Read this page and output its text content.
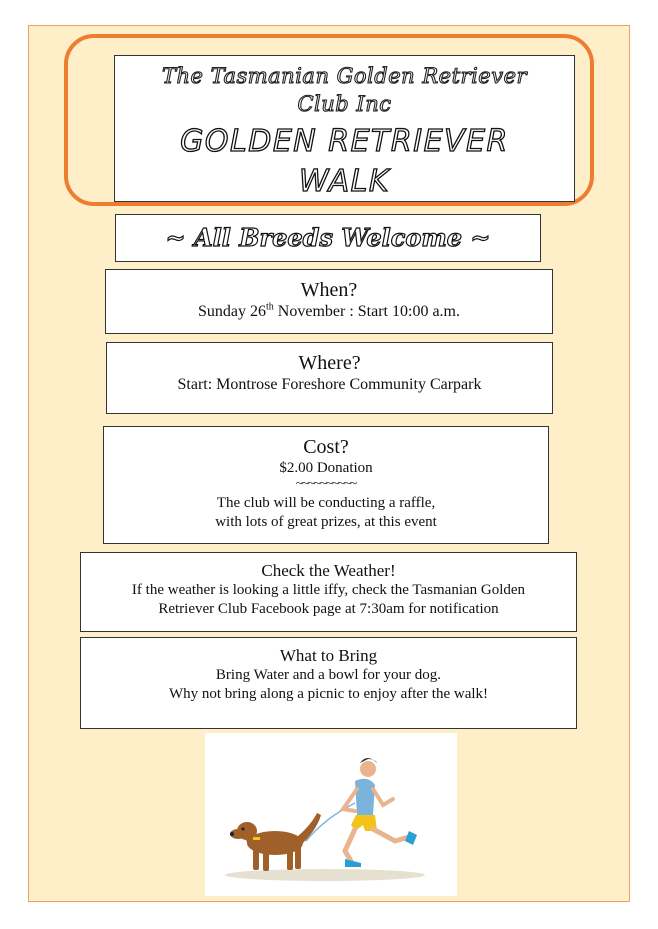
The Tasmanian Golden Retriever
Club Inc
GOLDEN RETRIEVER
WALK
~ All Breeds Welcome ~
When?
Sunday 26th November : Start 10:00 a.m.
Where?
Start: Montrose Foreshore Community Carpark
Cost?
$2.00 Donation
~~~~~~~~~~
The club will be conducting a raffle,
with lots of great prizes, at this event
Check the Weather!
If the weather is looking a little iffy, check the Tasmanian Golden
Retriever Club Facebook page at 7:30am for notification
What to Bring
Bring Water and a bowl for your dog.
Why not bring along a picnic to enjoy after the walk!
